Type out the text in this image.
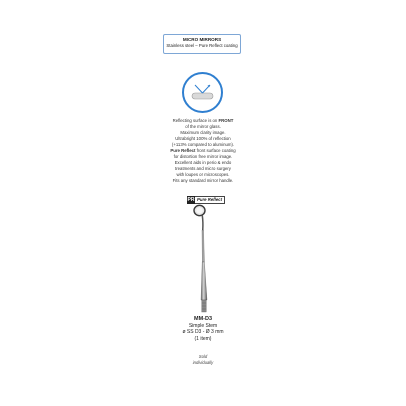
MICRO MIRRORS
Stainless steel – Pure Reflect coating
Reflecting surface is on FRONT
of the mirror glass.
Maximum clarity image.
Ultrabright 100% of reflection
(+113% compared to aluminum).
Pure Reflect front surface coating
for distortion free mirror image.
Excellent aids in perio & endo
treatments and micro surgery
with loupes or microscopes.
Fits any standard mirror handle.
PR Pure Reflect
MM-D3
Simple Stem
ø SS D3 - Ø 3 mm
(1 item)
Sold
individually
